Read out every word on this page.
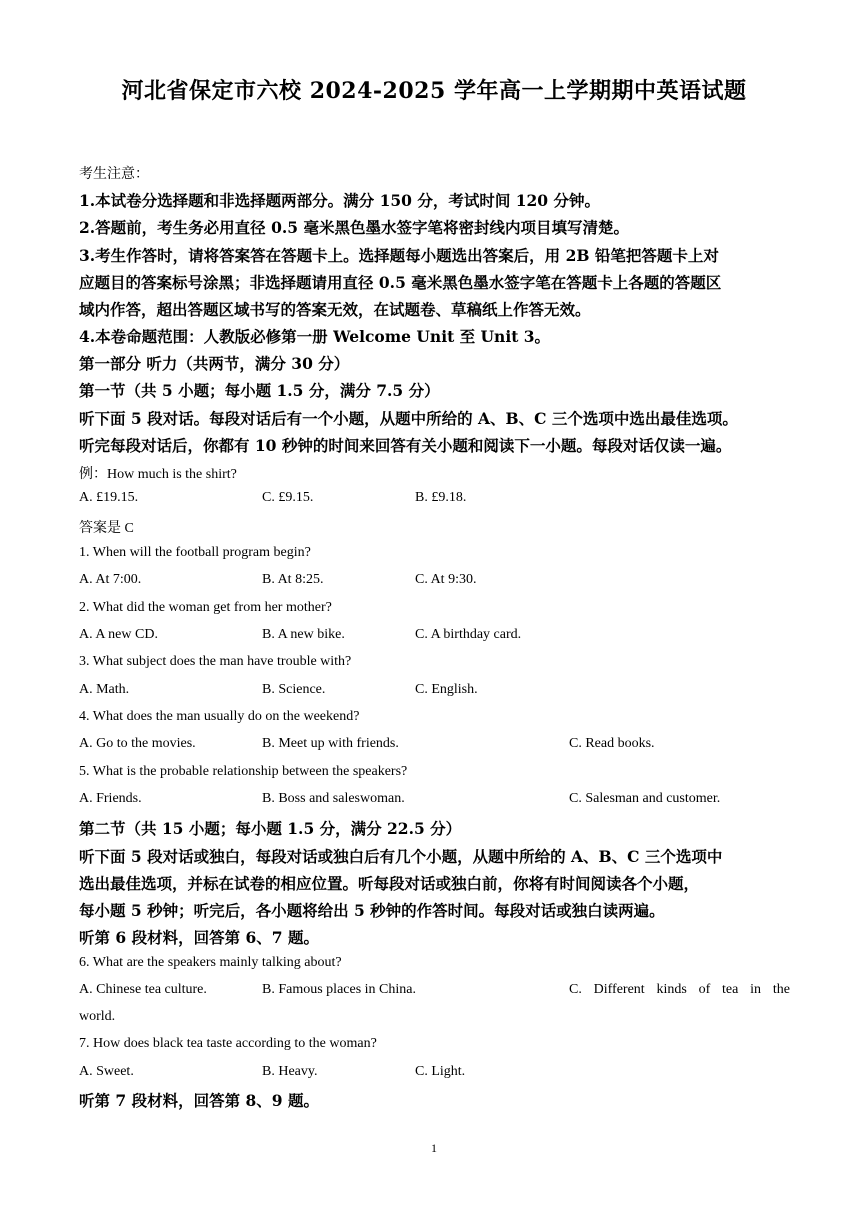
河北省保定市六校 2024-2025 学年高一上学期期中英语试题
考生注意：
1.本试卷分选择题和非选择题两部分。满分 150 分，考试时间 120 分钟。
2.答题前，考生务必用直径 0.5 毫米黑色墨水签字笔将密封线内项目填写清楚。
3.考生作答时，请将答案答在答题卡上。选择题每小题选出答案后，用 2B 铅笔把答题卡上对
应题目的答案标号涂黑；非选择题请用直径 0.5 毫米黑色墨水签字笔在答题卡上各题的答题区
域内作答，超出答题区域书写的答案无效，在试题卷、草稿纸上作答无效。
4.本卷命题范围：人教版必修第一册 Welcome Unit 至 Unit 3。
第一部分 听力（共两节，满分 30 分）
第一节（共 5 小题；每小题 1.5 分，满分 7.5 分）
听下面 5 段对话。每段对话后有一个小题，从题中所给的 A、B、C 三个选项中选出最佳选项。
听完每段对话后，你都有 10 秒钟的时间来回答有关小题和阅读下一小题。每段对话仅读一遍。
例：How much is the shirt?
A. £19.15.	C. £9.15.	B. £9.18.
答案是 C
1. When will the football program begin?
A. At 7:00.	B. At 8:25.	C. At 9:30.
2. What did the woman get from her mother?
A. A new CD.	B. A new bike.	C. A birthday card.
3. What subject does the man have trouble with?
A. Math.	B. Science.	C. English.
4. What does the man usually do on the weekend?
A. Go to the movies.	B. Meet up with friends.	C. Read books.
5. What is the probable relationship between the speakers?
A. Friends.	B. Boss and saleswoman.	C. Salesman and customer.
第二节（共 15 小题；每小题 1.5 分，满分 22.5 分）
听下面 5 段对话或独白，每段对话或独白后有几个小题，从题中所给的 A、B、C 三个选项中
选出最佳选项，并标在试卷的相应位置。听每段对话或独白前，你将有时间阅读各个小题，
每小题 5 秒钟；听完后，各小题将给出 5 秒钟的作答时间。每段对话或独白读两遍。
听第 6 段材料，回答第 6、7 题。
6. What are the speakers mainly talking about?
A. Chinese tea culture.	B. Famous places in China.	C. Different kinds of tea in the
world.
7. How does black tea taste according to the woman?
A. Sweet.	B. Heavy.	C. Light.
听第 7 段材料，回答第 8、9 题。
1
